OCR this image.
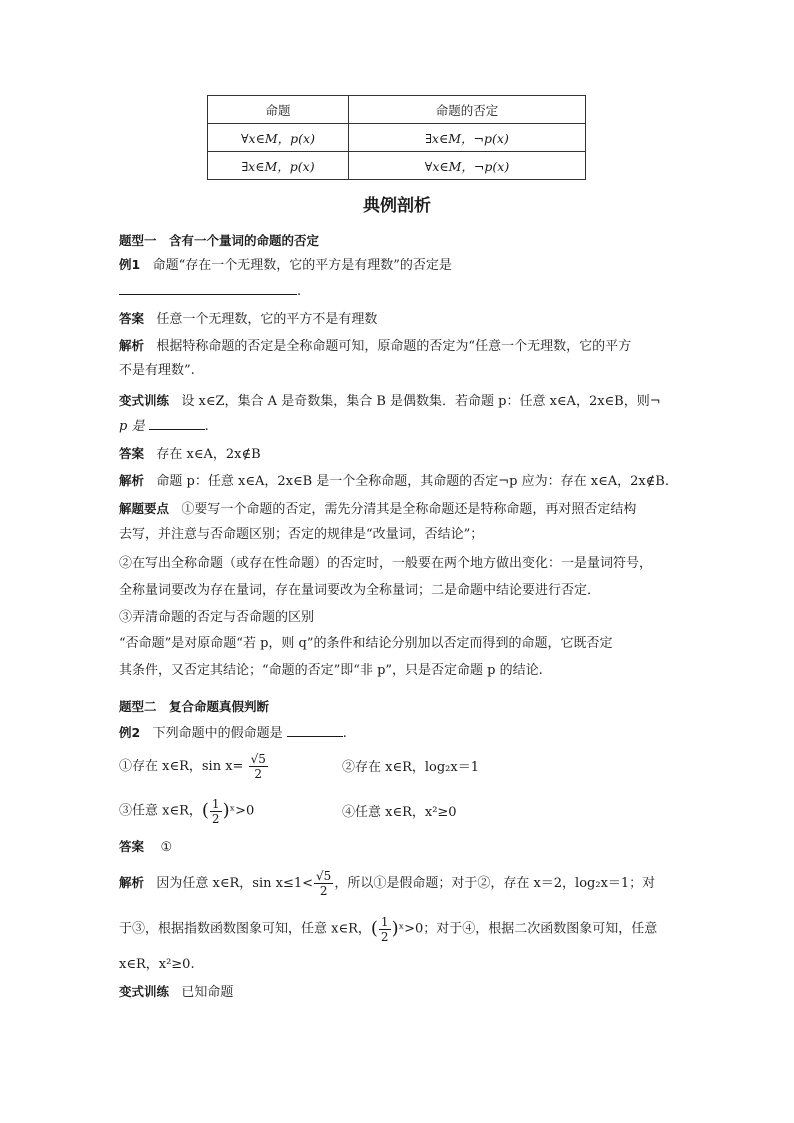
命题	命题的否定
∀x∈M，p(x)	∃x∈M，¬p(x)
∃x∈M，p(x)	∀x∈M，¬p(x)
典例剖析
题型一　含有一个量词的命题的否定
例1 命题“存在一个无理数，它的平方是有理数”的否定是
.
答案 任意一个无理数，它的平方不是有理数
解析 根据特称命题的否定是全称命题可知，原命题的否定为“任意一个无理数，它的平方
不是有理数”.
变式训练 设 x∈Z，集合 A 是奇数集，集合 B 是偶数集．若命题 p：任意 x∈A，2x∈B，则¬
p 是	.
答案 存在 x∈A，2x∉B
解析 命题 p：任意 x∈A，2x∈B 是一个全称命题，其命题的否定¬p 应为：存在 x∈A，2x∉B.
解题要点 ①要写一个命题的否定，需先分清其是全称命题还是特称命题，再对照否定结构
去写，并注意与否命题区别；否定的规律是“改量词，否结论”；
②在写出全称命题（或存在性命题）的否定时，一般要在两个地方做出变化：一是量词符号，
全称量词要改为存在量词，存在量词要改为全称量词；二是命题中结论要进行否定．
③弄清命题的否定与否命题的区别
“否命题”是对原命题“若 p，则 q”的条件和结论分别加以否定而得到的命题，它既否定
其条件，又否定其结论；“命题的否定”即“非 p”，只是否定命题 p 的结论.
题型二　复合命题真假判断
例2 下列命题中的假命题是	.
①存在 x∈R，$\sin x= \frac{√5}{2}$	②存在 x∈R，log₂x＝1
③任意 x∈R，( $\frac{1}{2}$ )ˣ>0	④任意 x∈R，x²≥0
答案 ①
解析 因为任意 x∈R，$\sin x\le 1< \frac{√5}{2}$ ，所以①是假命题；对于②，存在 x＝2，log₂x＝1；对
于③，根据指数函数图象可知，任意 x∈R，( $\frac{1}{2}$ )ˣ>0；对于④，根据二次函数图象可知，任意
x∈R，x²≥0.
变式训练 已知命题
